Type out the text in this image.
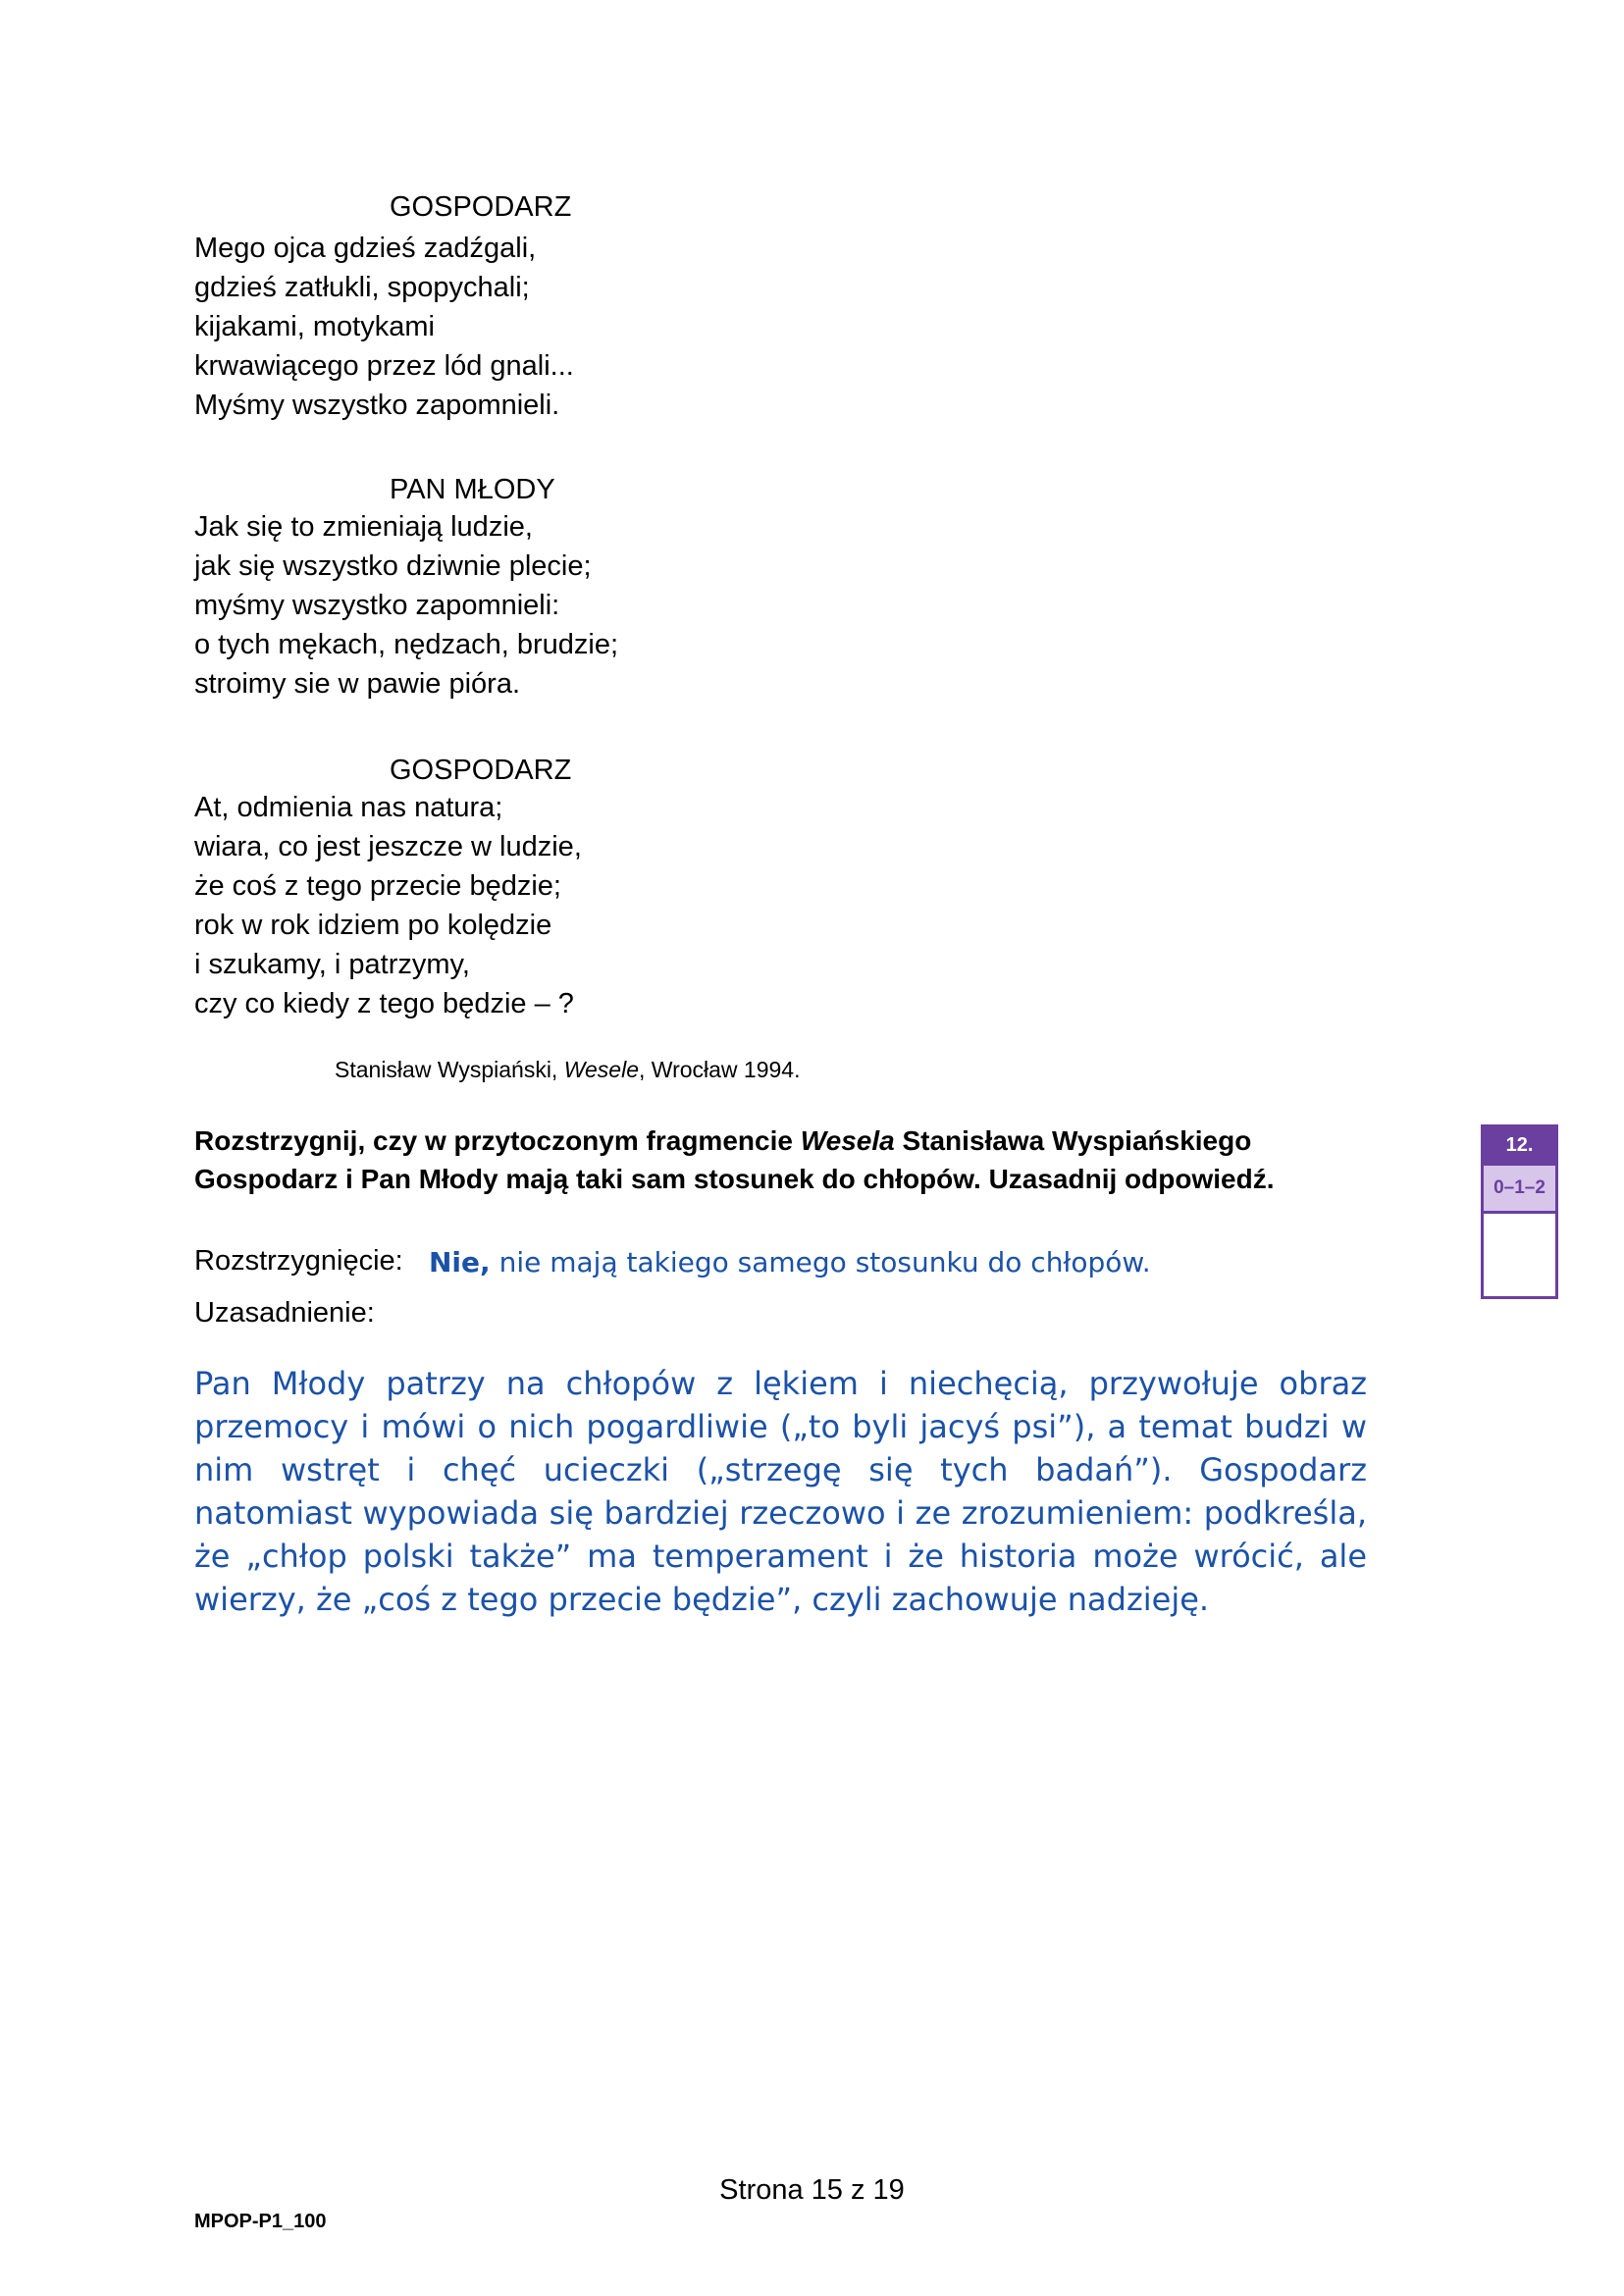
GOSPODARZ
Mego ojca gdzieś zadźgali,
gdzieś zatłukli, spopychali;
kijakami, motykami
krwawiącego przez lód gnali...
Myśmy wszystko zapomnieli.
PAN MŁODY
Jak się to zmieniają ludzie,
jak się wszystko dziwnie plecie;
myśmy wszystko zapomnieli:
o tych mękach, nędzach, brudzie;
stroimy sie w pawie pióra.
GOSPODARZ
At, odmienia nas natura;
wiara, co jest jeszcze w ludzie,
że coś z tego przecie będzie;
rok w rok idziem po kolędzie
i szukamy, i patrzymy,
czy co kiedy z tego będzie – ?
Stanisław Wyspiański, Wesele, Wrocław 1994.
Rozstrzygnij, czy w przytoczonym fragmencie Wesela Stanisława Wyspiańskiego
Gospodarz i Pan Młody mają taki sam stosunek do chłopów. Uzasadnij odpowiedź.
12.
0–1–2
Rozstrzygnięcie: Nie, nie mają takiego samego stosunku do chłopów.
Uzasadnienie:
Pan Młody patrzy na chłopów z lękiem i niechęcią, przywołuje obraz przemocy i mówi o nich pogardliwie („to byli jacyś psi”), a temat budzi w nim wstręt i chęć ucieczki („strzegę się tych badań”). Gospodarz natomiast wypowiada się bardziej rzeczowo i ze zrozumieniem: podkreśla, że „chłop polski także” ma temperament i że historia może wrócić, ale wierzy, że „coś z tego przecie będzie”, czyli zachowuje nadzieję.
Strona 15 z 19
MPOP-P1_100
